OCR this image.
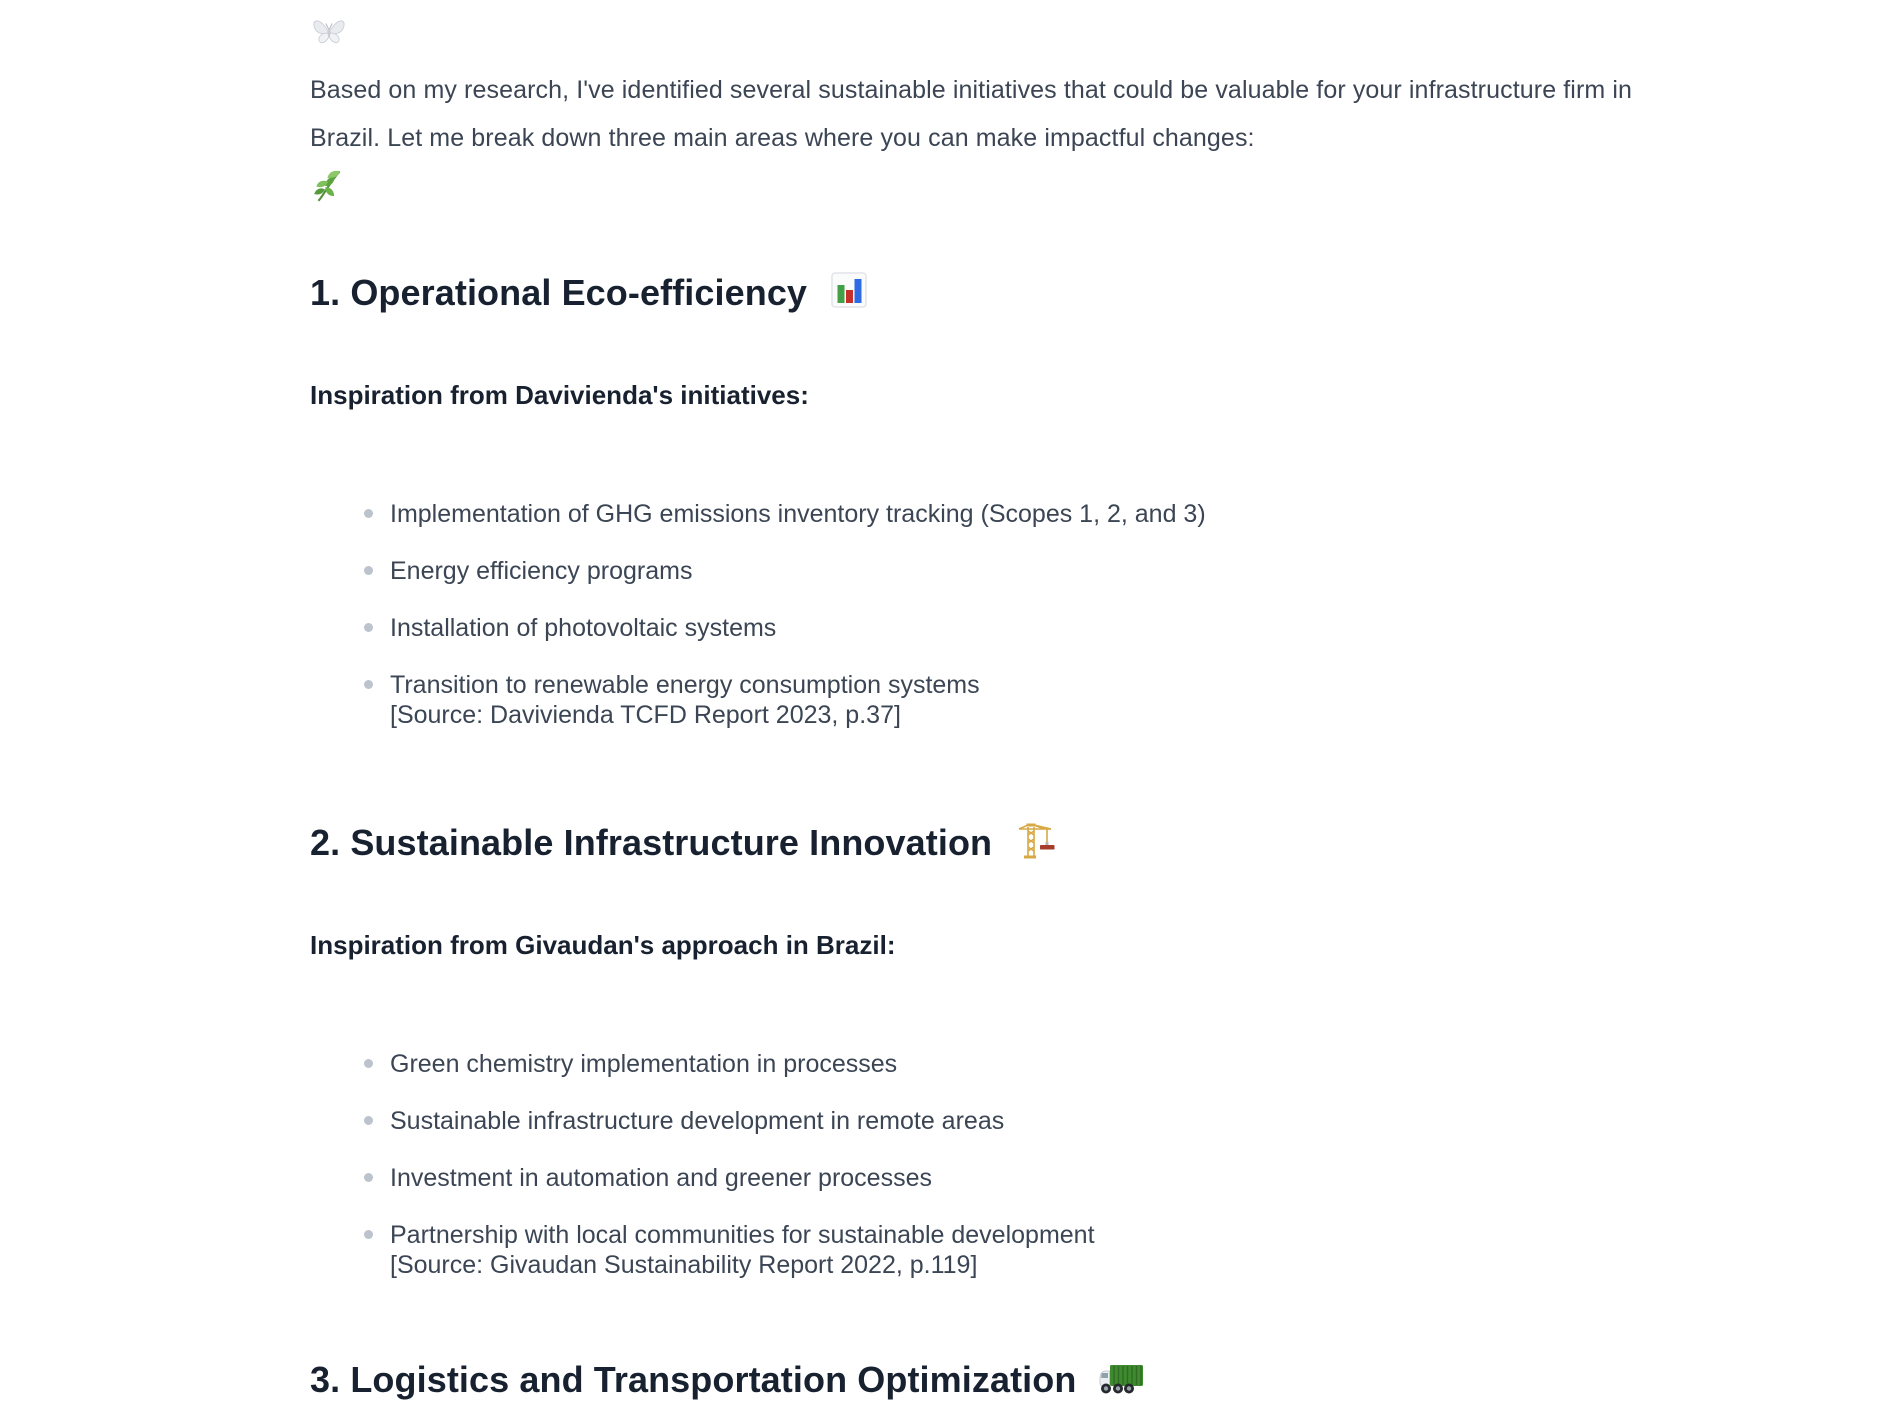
Based on my research, I've identified several sustainable initiatives that could be valuable for your infrastructure firm in Brazil. Let me break down three main areas where you can make impactful changes:

1. Operational Eco-efficiency

Inspiration from Davivienda's initiatives:

Implementation of GHG emissions inventory tracking (Scopes 1, 2, and 3)
Energy efficiency programs
Installation of photovoltaic systems
Transition to renewable energy consumption systems
[Source: Davivienda TCFD Report 2023, p.37]
2. Sustainable Infrastructure Innovation

Inspiration from Givaudan's approach in Brazil:

Green chemistry implementation in processes
Sustainable infrastructure development in remote areas
Investment in automation and greener processes
Partnership with local communities for sustainable development
[Source: Givaudan Sustainability Report 2022, p.119]
3. Logistics and Transportation Optimization
